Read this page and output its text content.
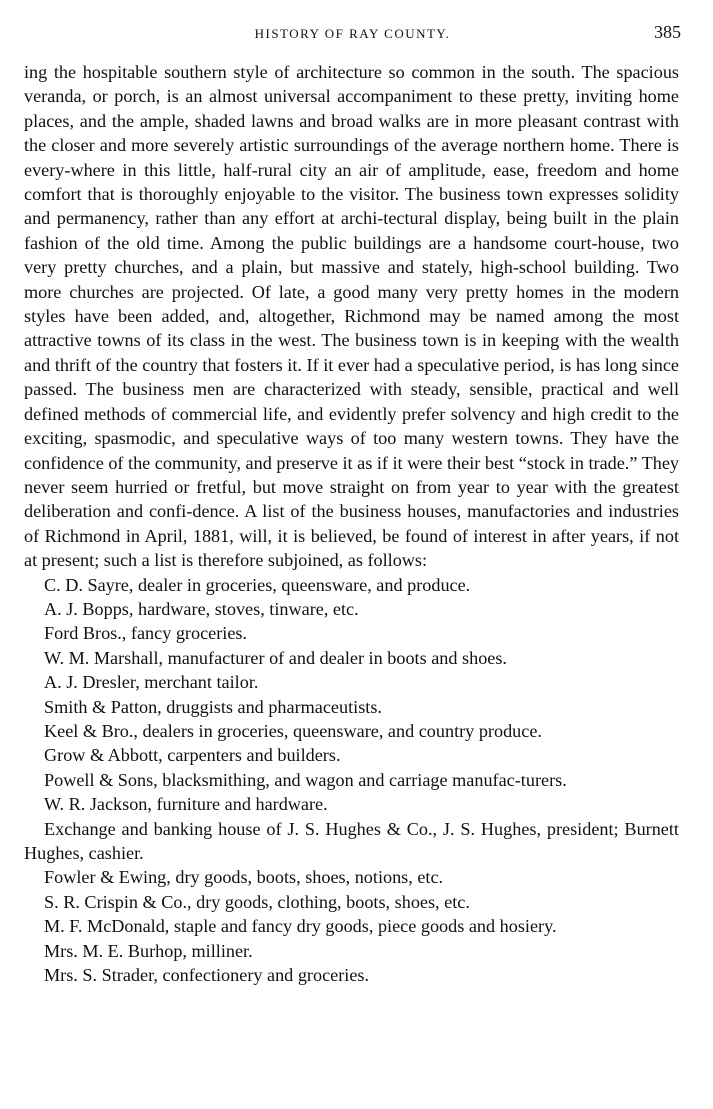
HISTORY OF RAY COUNTY.	385

ing the hospitable southern style of architecture so common in the south. The spacious veranda, or porch, is an almost universal accompaniment to these pretty, inviting home places, and the ample, shaded lawns and broad walks are in more pleasant contrast with the closer and more severely artistic surroundings of the average northern home. There is every-where in this little, half-rural city an air of amplitude, ease, freedom and home comfort that is thoroughly enjoyable to the visitor. The business town expresses solidity and permanency, rather than any effort at archi-tectural display, being built in the plain fashion of the old time. Among the public buildings are a handsome court-house, two very pretty churches, and a plain, but massive and stately, high-school building. Two more churches are projected. Of late, a good many very pretty homes in the modern styles have been added, and, altogether, Richmond may be named among the most attractive towns of its class in the west. The business town is in keeping with the wealth and thrift of the country that fosters it. If it ever had a speculative period, is has long since passed. The business men are characterized with steady, sensible, practical and well defined methods of commercial life, and evidently prefer solvency and high credit to the exciting, spasmodic, and speculative ways of too many western towns. They have the confidence of the community, and preserve it as if it were their best “stock in trade.” They never seem hurried or fretful, but move straight on from year to year with the greatest deliberation and confi-dence. A list of the business houses, manufactories and industries of Richmond in April, 1881, will, it is believed, be found of interest in after years, if not at present; such a list is therefore subjoined, as follows:

C. D. Sayre, dealer in groceries, queensware, and produce.
A. J. Bopps, hardware, stoves, tinware, etc.
Ford Bros., fancy groceries.
W. M. Marshall, manufacturer of and dealer in boots and shoes.
A. J. Dresler, merchant tailor.
Smith & Patton, druggists and pharmaceutists.
Keel & Bro., dealers in groceries, queensware, and country produce.
Grow & Abbott, carpenters and builders.
Powell & Sons, blacksmithing, and wagon and carriage manufac-turers.
W. R. Jackson, furniture and hardware.
Exchange and banking house of J. S. Hughes & Co., J. S. Hughes, president; Burnett Hughes, cashier.
Fowler & Ewing, dry goods, boots, shoes, notions, etc.
S. R. Crispin & Co., dry goods, clothing, boots, shoes, etc.
M. F. McDonald, staple and fancy dry goods, piece goods and hosiery.
Mrs. M. E. Burhop, milliner.
Mrs. S. Strader, confectionery and groceries.
